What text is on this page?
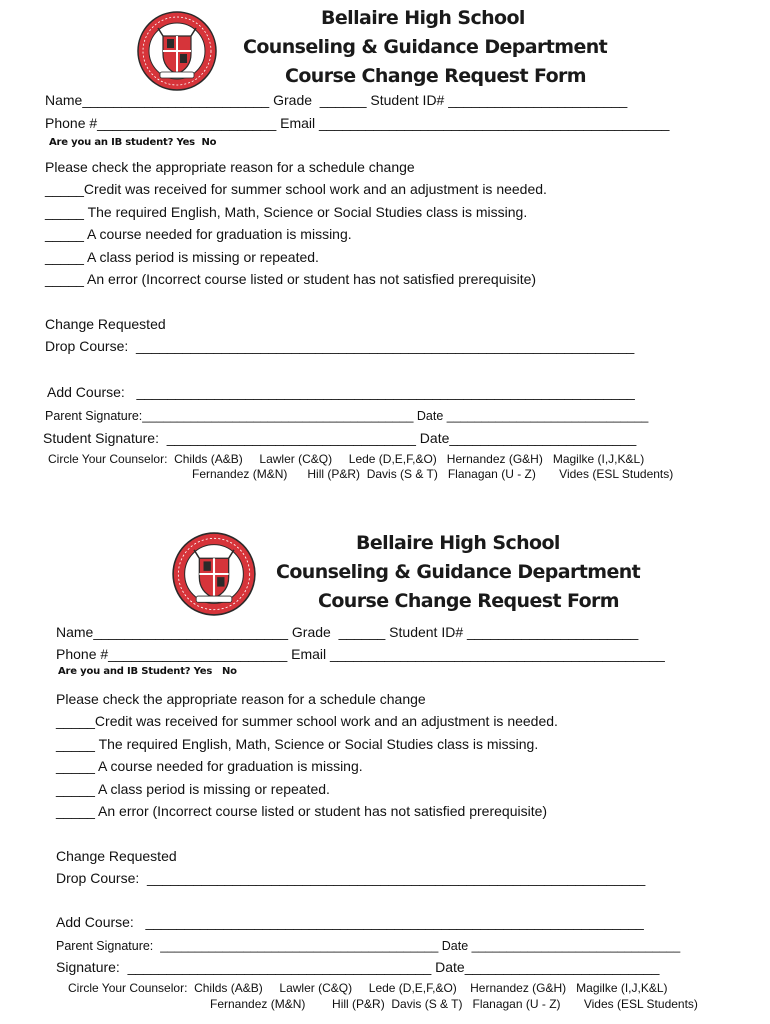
Bellaire High School
Counseling & Guidance Department
Course Change Request Form
Name________________________ Grade  ______ Student ID# _______________________
Phone #_______________________ Email _____________________________________________
Are you an IB student? Yes  No
Please check the appropriate reason for a schedule change
_____Credit was received for summer school work and an adjustment is needed.
_____ The required English, Math, Science or Social Studies class is missing.
_____ A course needed for graduation is missing.
_____ A class period is missing or repeated.
_____ An error (Incorrect course listed or student has not satisfied prerequisite)
Change Requested
Drop Course:  ________________________________________________________________
Add Course:   ________________________________________________________________
Parent Signature:_______________________________________ Date _____________________________
Student Signature:  ________________________________ Date________________________
Circle Your Counselor:  Childs (A&B)     Lawler (C&Q)     Lede (D,E,F,&O)   Hernandez (G&H)   Magilke (I,J,K&L)
Fernandez (M&N)      Hill (P&R)  Davis (S & T)   Flanagan (U - Z)       Vides (ESL Students)
Bellaire High School
Counseling & Guidance Department
Course Change Request Form
Name_________________________ Grade  ______ Student ID# ______________________
Phone #_______________________ Email ___________________________________________
Are you and IB Student? Yes   No
Please check the appropriate reason for a schedule change
_____Credit was received for summer school work and an adjustment is needed.
_____ The required English, Math, Science or Social Studies class is missing.
_____ A course needed for graduation is missing.
_____ A class period is missing or repeated.
_____ An error (Incorrect course listed or student has not satisfied prerequisite)
Change Requested
Drop Course:  ________________________________________________________________
Add Course:   ________________________________________________________________
Parent Signature:  ________________________________________ Date ______________________________
Signature:  _______________________________________ Date_________________________
Circle Your Counselor:  Childs (A&B)     Lawler (C&Q)     Lede (D,E,F,&O)    Hernandez (G&H)   Magilke (I,J,K&L)
Fernandez (M&N)        Hill (P&R)  Davis (S & T)   Flanagan (U - Z)       Vides (ESL Students)
